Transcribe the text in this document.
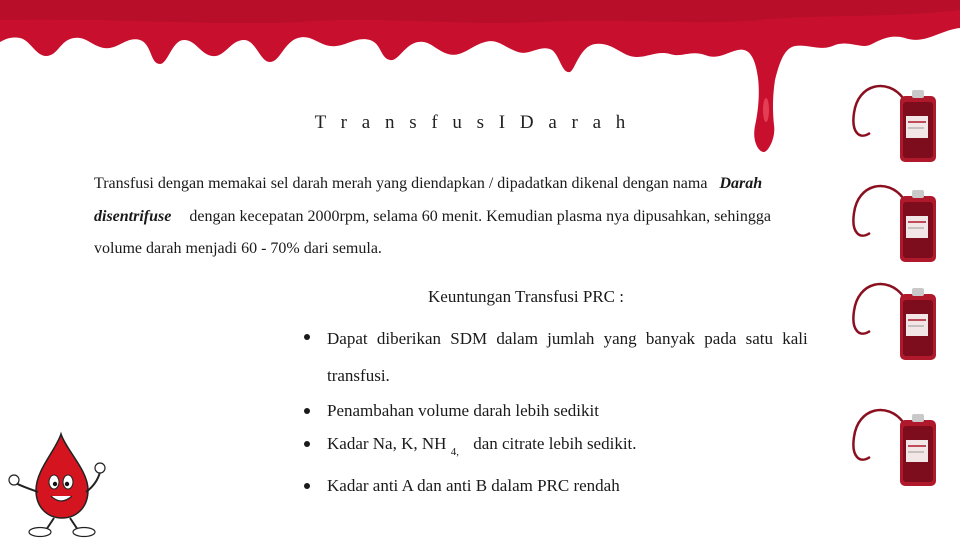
T r a n s f u s I D a r a h
Transfusi dengan memakai sel darah merah yang diendapkan / dipadatkan dikenal dengan nama Darah disentrifuse dengan kecepatan 2000rpm, selama 60 menit. Kemudian plasma nya dipusahkan, sehingga volume darah menjadi 60 - 70% dari semula.
Keuntungan Transfusi PRC :
Dapat diberikan SDM dalam jumlah yang banyak pada satu kali transfusi.
Penambahan volume darah lebih sedikit
Kadar Na, K, NH $_{4,}$ dan citrate lebih sedikit.
Kadar anti A dan anti B dalam PRC rendah
